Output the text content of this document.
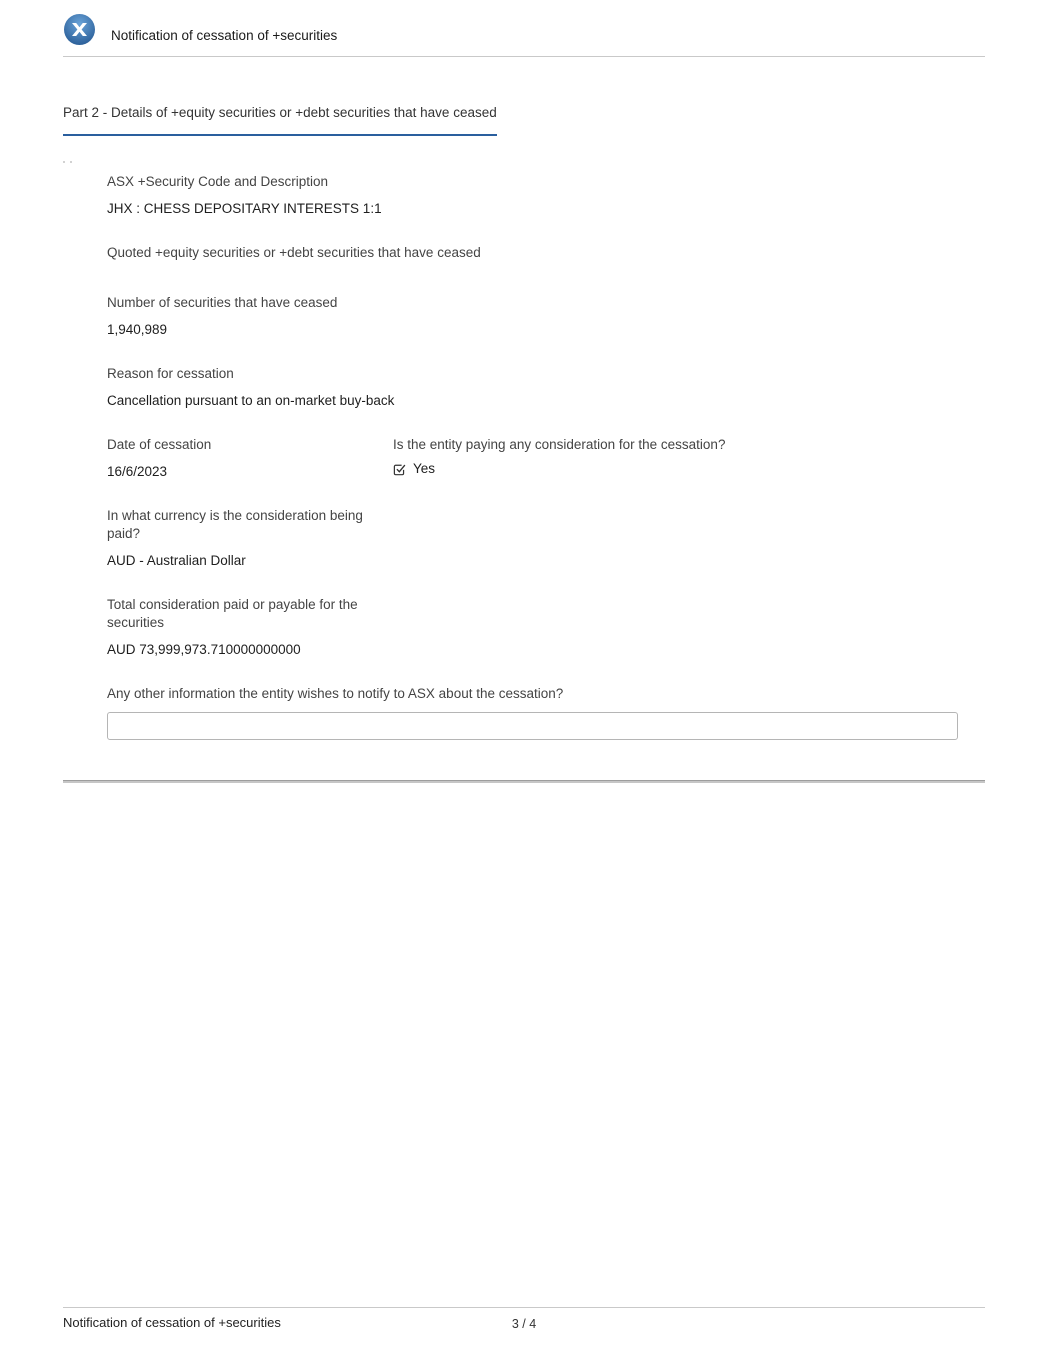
Notification of cessation of +securities
Part 2 - Details of +equity securities or +debt securities that have ceased
ASX +Security Code and Description
JHX : CHESS DEPOSITARY INTERESTS 1:1
Quoted +equity securities or +debt securities that have ceased
Number of securities that have ceased
1,940,989
Reason for cessation
Cancellation pursuant to an on-market buy-back
Date of cessation
16/6/2023
Is the entity paying any consideration for the cessation?
Yes
In what currency is the consideration being paid?
AUD - Australian Dollar
Total consideration paid or payable for the securities
AUD 73,999,973.710000000000
Any other information the entity wishes to notify to ASX about the cessation?
Notification of cessation of +securities	3 / 4
